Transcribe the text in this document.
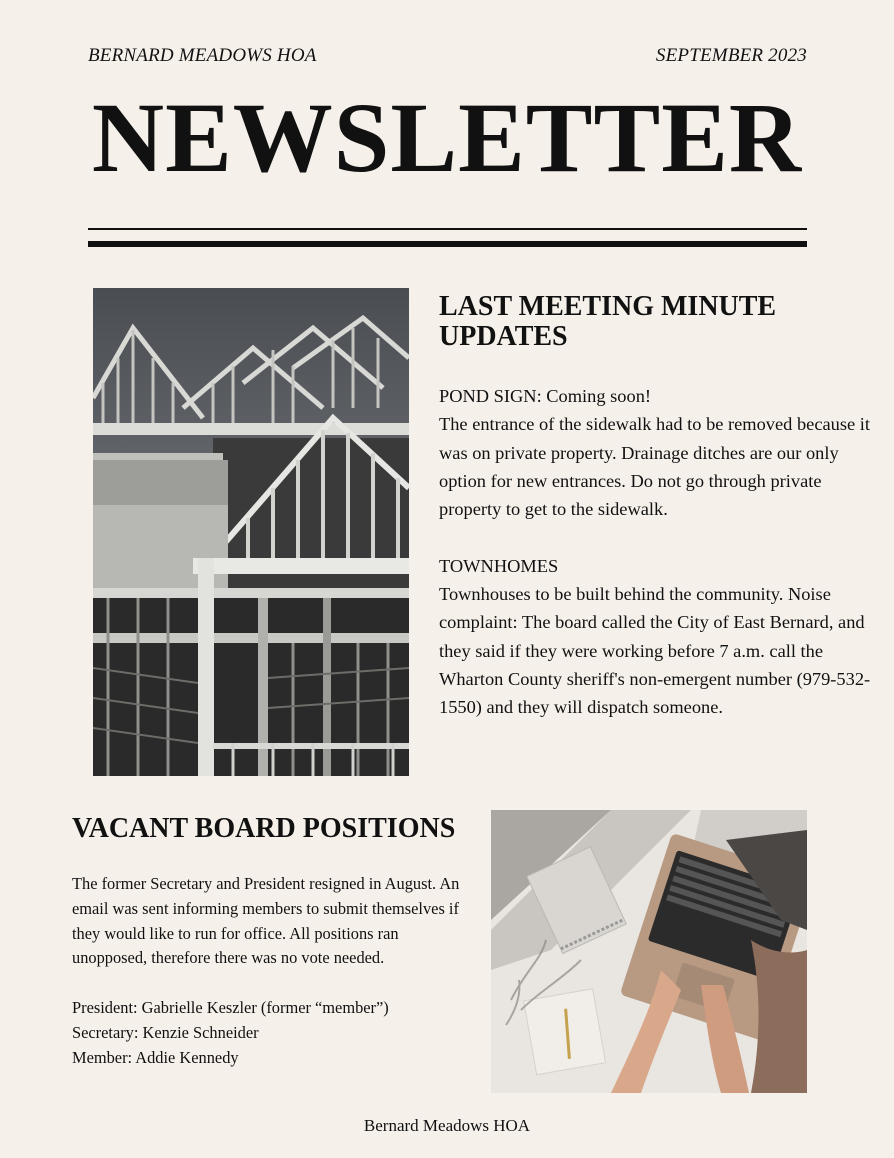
BERNARD MEADOWS HOA	SEPTEMBER 2023
NEWSLETTER
LAST MEETING MINUTE
UPDATES

POND SIGN: Coming soon!

The entrance of the sidewalk had to be removed because it was on private property. Drainage ditches are our only option for new entrances. Do not go through private property to get to the sidewalk.

TOWNHOMES

Townhouses to be built behind the community. Noise complaint: The board called the City of East Bernard, and they said if they were working before 7 a.m. call the Wharton County sheriff's non-emergent number (979-532-1550) and they will dispatch someone.

VACANT BOARD POSITIONS

The former Secretary and President resigned in August. An email was sent informing members to submit themselves if they would like to run for office. All positions ran unopposed, therefore there was no vote needed.

President: Gabrielle Keszler (former “member”)

Secretary: Kenzie Schneider

Member: Addie Kennedy

Bernard Meadows HOA
